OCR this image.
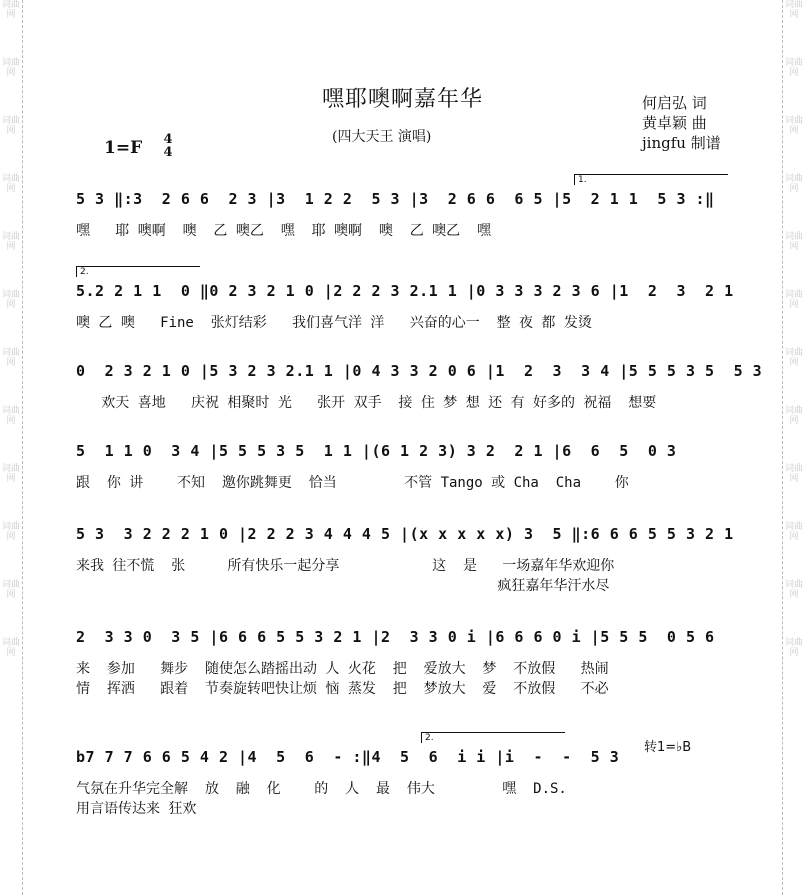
词曲网
词曲网
词曲网
词曲网
词曲网
词曲网
词曲网
词曲网
词曲网
词曲网
词曲网
词曲网
词曲网
词曲网
词曲网
词曲网
词曲网
词曲网
词曲网
词曲网
词曲网
词曲网
词曲网
词曲网
嘿耶噢啊嘉年华
(四大天王 演唱)
何启弘 词
黄卓颖 曲
jingfu 制谱
1=F 4
4
1.
5 3 ‖:3  2 6 6  2 3 |3  1 2 2  5 3 |3  2 6 6  6 5 |5  2 1 1  5 3 :‖
嘿   耶 噢啊  噢  乙 噢乙  嘿  耶 噢啊  噢  乙 噢乙  嘿
2.
5.2 2 1 1  0 ‖0 2 3 2 1 0 |2 2 2 3 2.1 1 |0 3 3 3 2 3 6 |1  2  3  2 1
噢 乙 噢   Fine  张灯结彩   我们喜气洋 洋   兴奋的心一  整 夜 都 发烫
0  2 3 2 1 0 |5 3 2 3 2.1 1 |0 4 3 3 2 0 6 |1  2  3  3 4 |5 5 5 3 5  5 3
欢天 喜地   庆祝 相聚时 光   张开 双手  接 住 梦 想 还 有 好多的 祝福  想要
5  1 1 0  3 4 |5 5 5 3 5  1 1 |(6 1 2 3) 3 2  2 1 |6  6  5  0 3
跟  你 讲    不知  邀你跳舞更  恰当        不管 Tango 或 Cha  Cha    你
5 3  3 2 2 2 1 0 |2 2 2 3 4 4 4 5 |(x x x x x) 3  5 ‖:6 6 6 5 5 3 2 1
来我 往不慌  张     所有快乐一起分享           这  是   一场嘉年华欢迎你
疯狂嘉年华汗水尽
2  3 3 0  3 5 |6 6 6 5 5 3 2 1 |2  3 3 0 i |6 6 6 0 i |5 5 5  0 5 6
来  参加   舞步  随使怎么踏摇出动 人 火花  把  爱放大  梦  不放假   热闹
情  挥洒   跟着  节奏旋转吧快让烦 恼 蒸发  把  梦放大  爱  不放假   不必
2.
转1=♭B
b7 7 7 6 6 5 4 2 |4  5  6  - :‖4  5  6  i i |i  -  -  5 3
气氛在升华完全解  放  融  化    的  人  最  伟大        嘿  D.S.
用言语传达来 狂欢
